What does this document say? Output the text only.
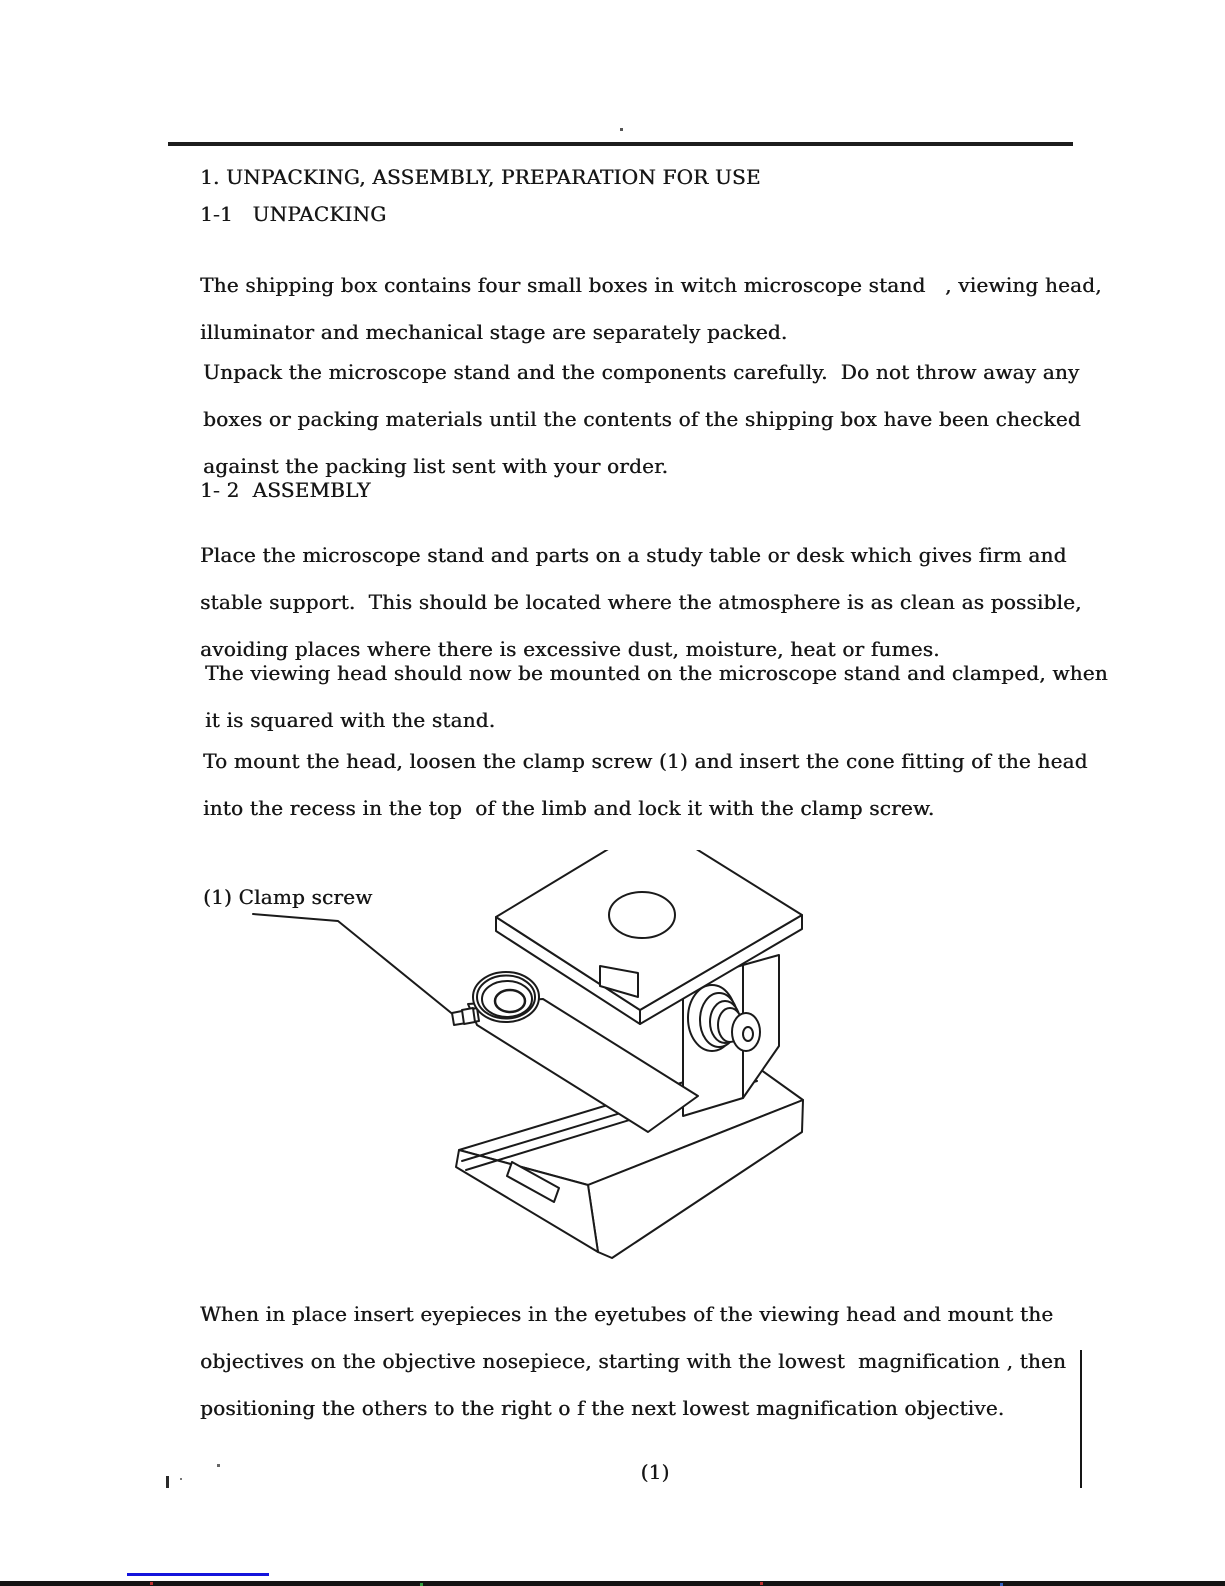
1. UNPACKING, ASSEMBLY, PREPARATION FOR USE
1-1   UNPACKING
The shipping box contains four small boxes in witch microscope stand   , viewing head,
illuminator and mechanical stage are separately packed.
Unpack the microscope stand and the components carefully.  Do not throw away any
boxes or packing materials until the contents of the shipping box have been checked
against the packing list sent with your order.
1- 2  ASSEMBLY
Place the microscope stand and parts on a study table or desk which gives firm and
stable support.  This should be located where the atmosphere is as clean as possible,
avoiding places where there is excessive dust, moisture, heat or fumes.
The viewing head should now be mounted on the microscope stand and clamped, when
it is squared with the stand.
To mount the head, loosen the clamp screw (1) and insert the cone fitting of the head
into the recess in the top  of the limb and lock it with the clamp screw.
(1) Clamp screw
When in place insert eyepieces in the eyetubes of the viewing head and mount the
objectives on the objective nosepiece, starting with the lowest  magnification , then
positioning the others to the right o f the next lowest magnification objective.
(1)
